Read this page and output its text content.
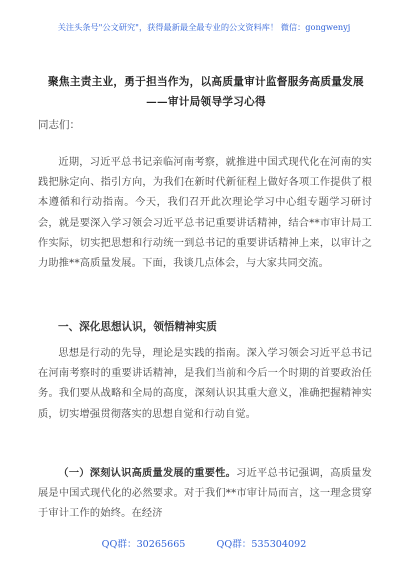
关注头条号"公文研究"，获得最新最全最专业的公文资料库！ 微信：gongwenyj
聚焦主责主业，勇于担当作为，以高质量审计监督服务高质量发展——审计局领导学习心得
同志们：

近期，习近平总书记亲临河南考察，就推进中国式现代化在河南的实践把脉定向、指引方向，为我们在新时代新征程上做好各项工作提供了根本遵循和行动指南。今天，我们召开此次理论学习中心组专题学习研讨会，就是要深入学习领会习近平总书记重要讲话精神，结合**市审计局工作实际，切实把思想和行动统一到总书记的重要讲话精神上来，以审计之力助推**高质量发展。下面，我谈几点体会，与大家共同交流。

一、深化思想认识，领悟精神实质

思想是行动的先导，理论是实践的指南。深入学习领会习近平总书记在河南考察时的重要讲话精神，是我们当前和今后一个时期的首要政治任务。我们要从战略和全局的高度，深刻认识其重大意义，准确把握精神实质，切实增强贯彻落实的思想自觉和行动自觉。

（一）深刻认识高质量发展的重要性。习近平总书记强调，高质量发展是中国式现代化的必然要求。对于我们**市审计局而言，这一理念贯穿于审计工作的始终。在经济

QQ群：30265665	QQ群：535304092
